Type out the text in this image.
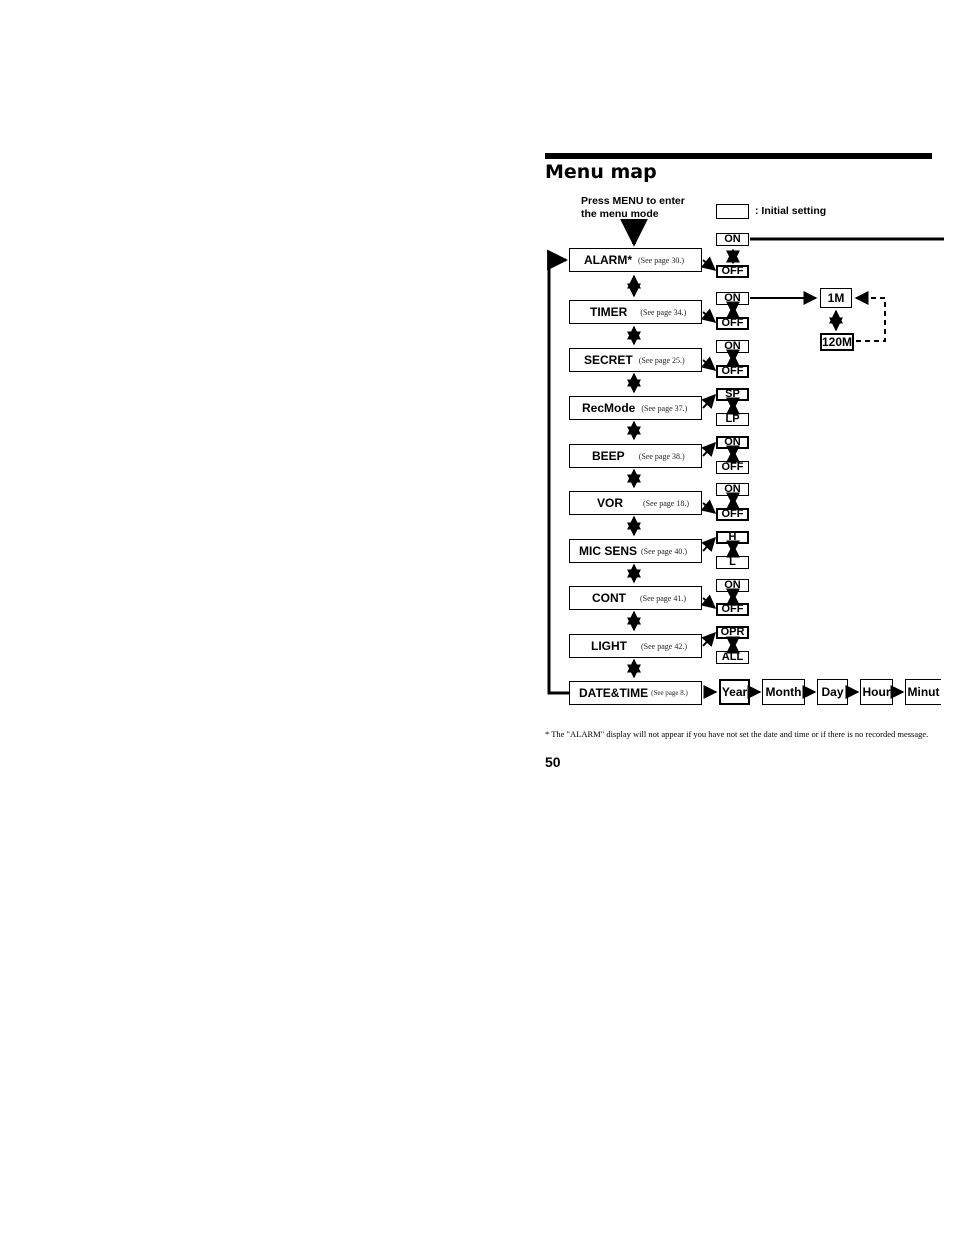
Menu map
Press MENU to enter the menu mode	: Initial setting
ALARM* (See page 30.)
TIMER (See page 34.)
SECRET (See page 25.)
RecMode (See page 37.)
BEEP (See page 38.)
VOR	(See page 18.)
MIC SENS (See page 40.)
CONT (See page 41.)
LIGHT (See page 42.)
DATE&TIME (See page 8.)
ON
OFF
ON
OFF
ON
OFF
SP
LP
ON
OFF
ON
OFF
H
L
ON
OFF
OPR
ALL
1M
120M
Year Month	Day	Hour Minut
* The "ALARM" display will not appear if you have not set the date and time or if there is no recorded message.
50
